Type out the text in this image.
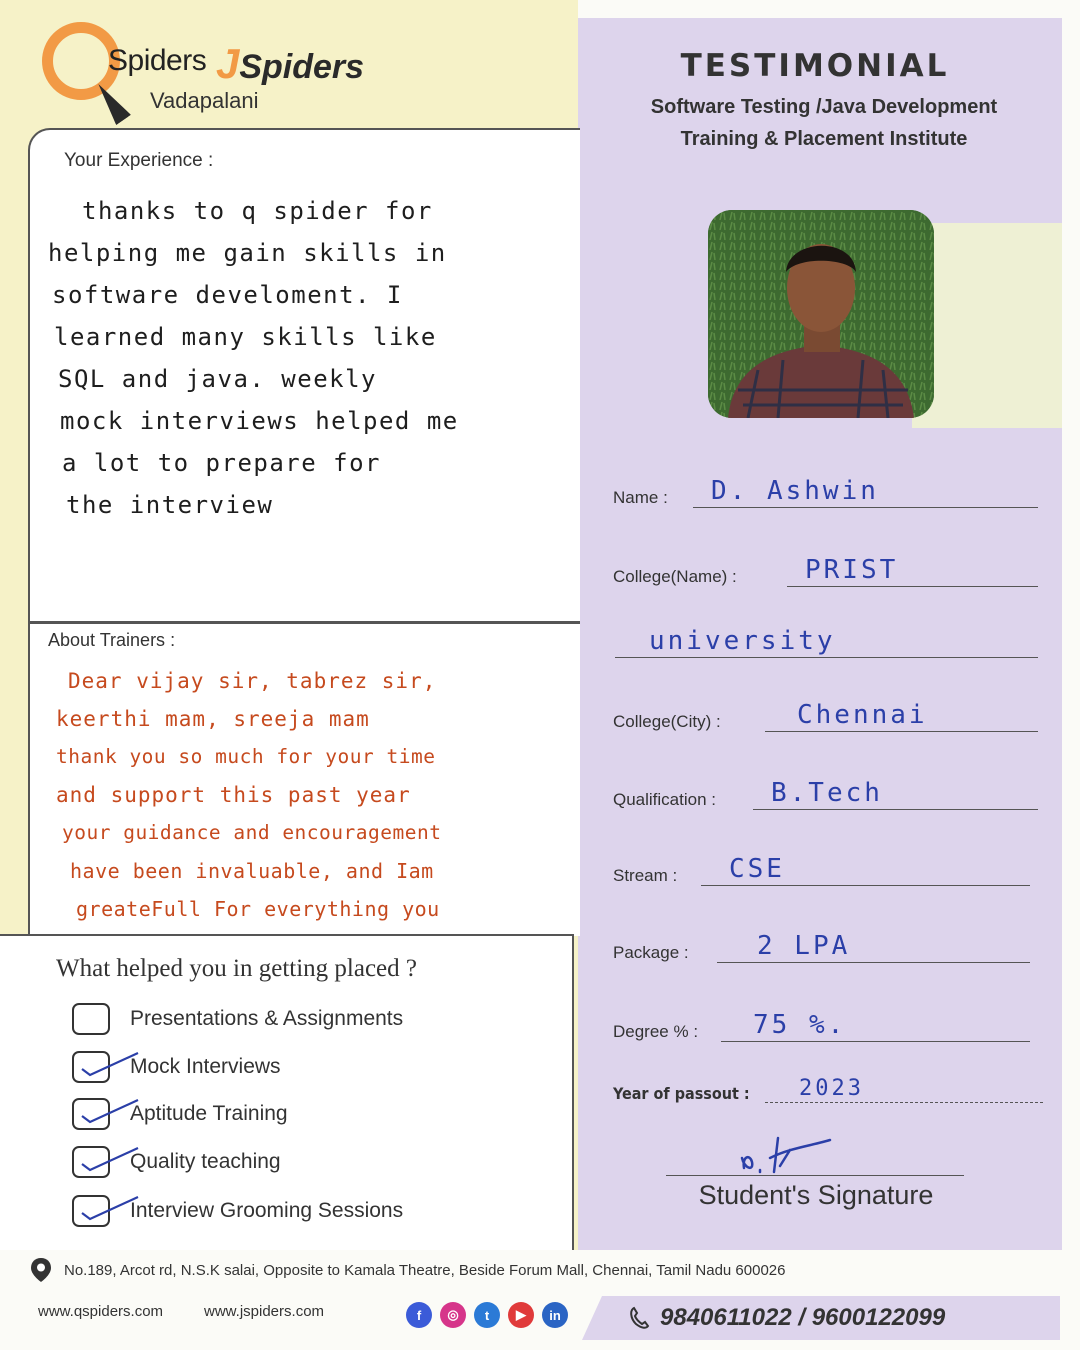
Spiders JSpiders
Vadapalani
TESTIMONIAL
Software Testing /Java Development
Training & Placement Institute
Your Experience :
thanks to q spider for
helping me gain skills in
software develoment. I
learned many skills like
SQL and java. weekly
mock interviews helped me
a lot to prepare for
the interview
About Trainers :
Dear vijay sir, tabrez sir,
keerthi mam, sreeja mam
thank you so much for your time
and support this past year
your guidance and encouragement
have been invaluable, and Iam
greateFull For everything you
What helped you in getting placed ?
Presentations & Assignments
Mock Interviews
Aptitude Training
Quality teaching
Interview Grooming Sessions
Name : D. Ashwin
College(Name) :	PRIST
university
College(City) :	Chennai
Qualification : B.Tech
Stream : CSE
Package :	2 LPA
Degree % : 75 %.
Year of passout : 2023
Student's Signature
No.189, Arcot rd, N.S.K salai, Opposite to Kamala Theatre, Beside Forum Mall, Chennai, Tamil Nadu 600026
www.qspiders.com	www.jspiders.com	f	◎	t	▶	in	9840611022 / 9600122099
